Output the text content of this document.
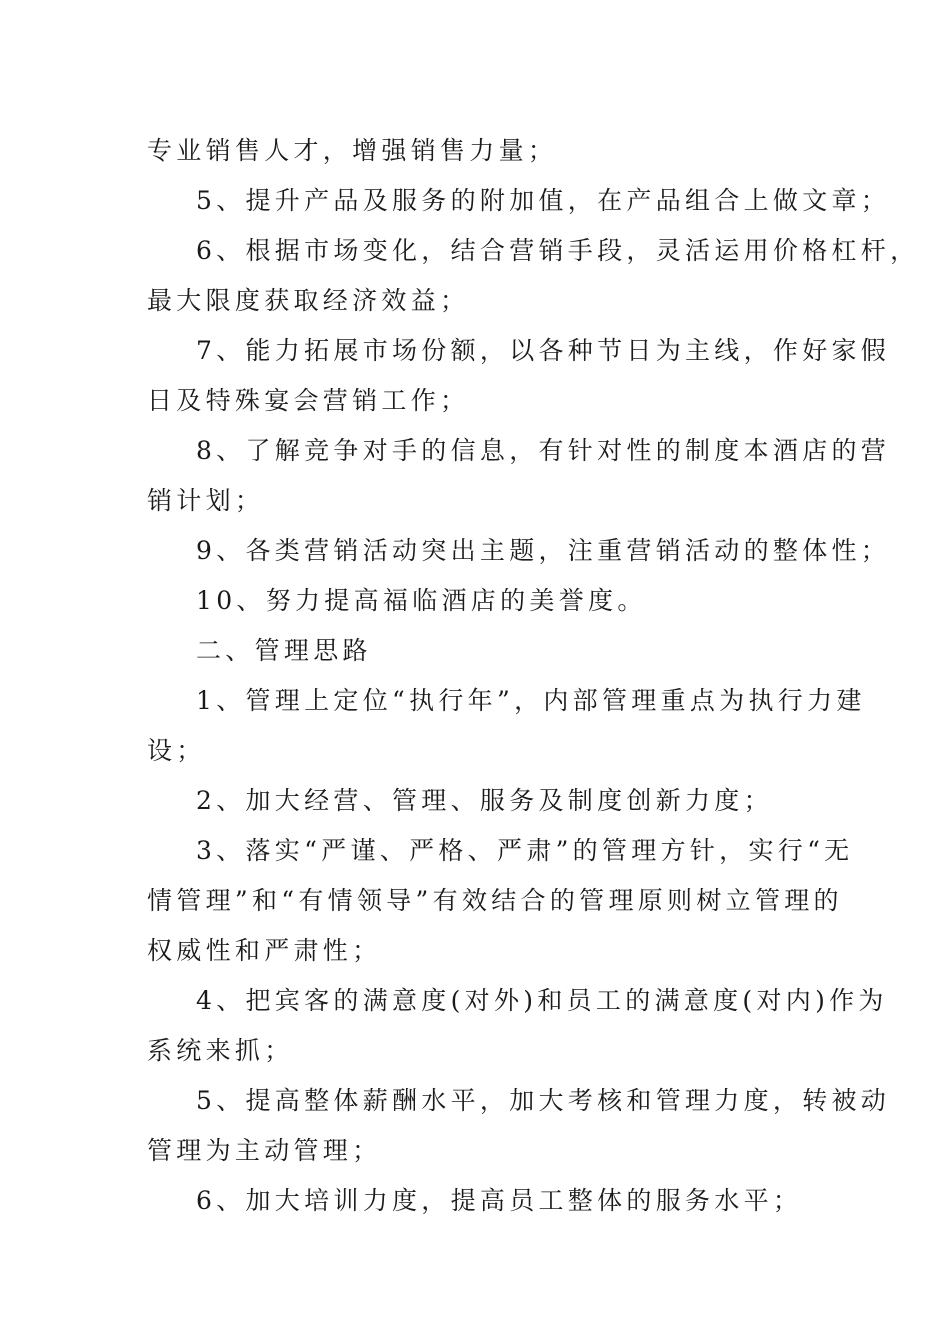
专业销售人才，增强销售力量；
5、提升产品及服务的附加值，在产品组合上做文章；
6、根据市场变化，结合营销手段，灵活运用价格杠杆，
最大限度获取经济效益；
7、能力拓展市场份额，以各种节日为主线，作好家假
日及特殊宴会营销工作；
8、了解竞争对手的信息，有针对性的制度本酒店的营
销计划；
9、各类营销活动突出主题，注重营销活动的整体性；
10、努力提高福临酒店的美誉度。
二、管理思路
1、管理上定位“执行年”，内部管理重点为执行力建
设；
2、加大经营、管理、服务及制度创新力度；
3、落实“严谨、严格、严肃”的管理方针，实行“无
情管理”和“有情领导”有效结合的管理原则树立管理的
权威性和严肃性；
4、把宾客的满意度(对外)和员工的满意度(对内)作为
系统来抓；
5、提高整体薪酬水平，加大考核和管理力度，转被动
管理为主动管理；
6、加大培训力度，提高员工整体的服务水平；
